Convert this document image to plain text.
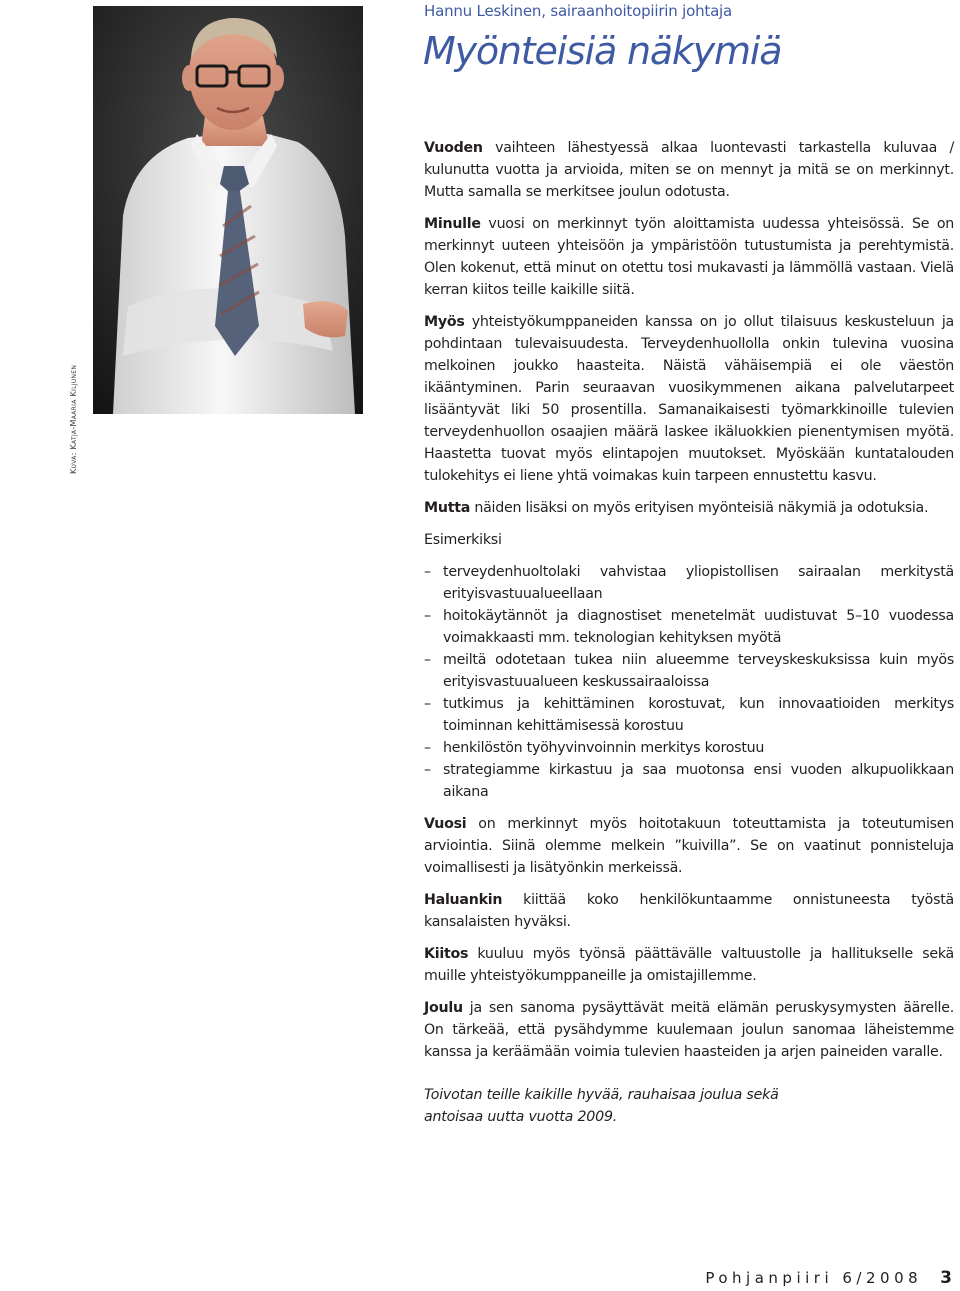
Kuva: Katja-Maaria Kiljunen
Hannu Leskinen, sairaanhoitopiirin johtaja
Myönteisiä näkymiä

Vuoden vaihteen lähestyessä alkaa luontevasti tarkastella kuluvaa / kulunutta vuotta ja arvioida, miten se on mennyt ja mitä se on merkinnyt. Mutta samalla se merkitsee joulun odotusta.

Minulle vuosi on merkinnyt työn aloittamista uudessa yhteisössä. Se on merkinnyt uuteen yhteisöön ja ympäristöön tutustumista ja perehtymistä. Olen kokenut, että minut on otettu tosi mukavasti ja lämmöllä vastaan. Vielä kerran kiitos teille kaikille siitä.

Myös yhteistyökumppaneiden kanssa on jo ollut tilaisuus keskusteluun ja pohdintaan tulevaisuudesta. Terveydenhuollolla onkin tulevina vuosina melkoinen joukko haasteita. Näistä vähäisempiä ei ole väestön ikääntyminen. Parin seuraavan vuosikymmenen aikana palvelutarpeet lisääntyvät liki 50 prosentilla. Samanaikaisesti työmarkkinoille tulevien terveydenhuollon osaajien määrä laskee ikäluokkien pienentymisen myötä. Haastetta tuovat myös elintapojen muutokset. Myöskään kuntatalouden tulokehitys ei liene yhtä voimakas kuin tarpeen ennustettu kasvu.

Mutta näiden lisäksi on myös erityisen myönteisiä näkymiä ja odotuksia.

Esimerkiksi

– terveydenhuoltolaki vahvistaa yliopistollisen sairaalan merkitystä erityisvastuualueellaan
– hoitokäytännöt ja diagnostiset menetelmät uudistuvat 5–10 vuodessa voimakkaasti mm. teknologian kehityksen myötä
– meiltä odotetaan tukea niin alueemme terveyskeskuksissa kuin myös erityisvastuualueen keskussairaaloissa
– tutkimus ja kehittäminen korostuvat, kun innovaatioiden merkitys toiminnan kehittämisessä korostuu
– henkilöstön työhyvinvoinnin merkitys korostuu
– strategiamme kirkastuu ja saa muotonsa ensi vuoden alkupuolikkaan aikana

Vuosi on merkinnyt myös hoitotakuun toteuttamista ja toteutumisen arviointia. Siinä olemme melkein ”kuivilla”. Se on vaatinut ponnisteluja voimallisesti ja lisätyönkin merkeissä.

Haluankin kiittää koko henkilökuntaamme onnistuneesta työstä kansalaisten hyväksi.

Kiitos kuuluu myös työnsä päättävälle valtuustolle ja hallitukselle sekä muille yhteistyökumppaneille ja omistajillemme.

Joulu ja sen sanoma pysäyttävät meitä elämän peruskysymysten äärelle. On tärkeää, että pysähdymme kuulemaan joulun sanomaa läheistemme kanssa ja keräämään voimia tulevien haasteiden ja arjen paineiden varalle.

Toivotan teille kaikille hyvää, rauhaisaa joulua sekä
antoisaa uutta vuotta 2009.
Pohjanpiiri 6/2008 3
